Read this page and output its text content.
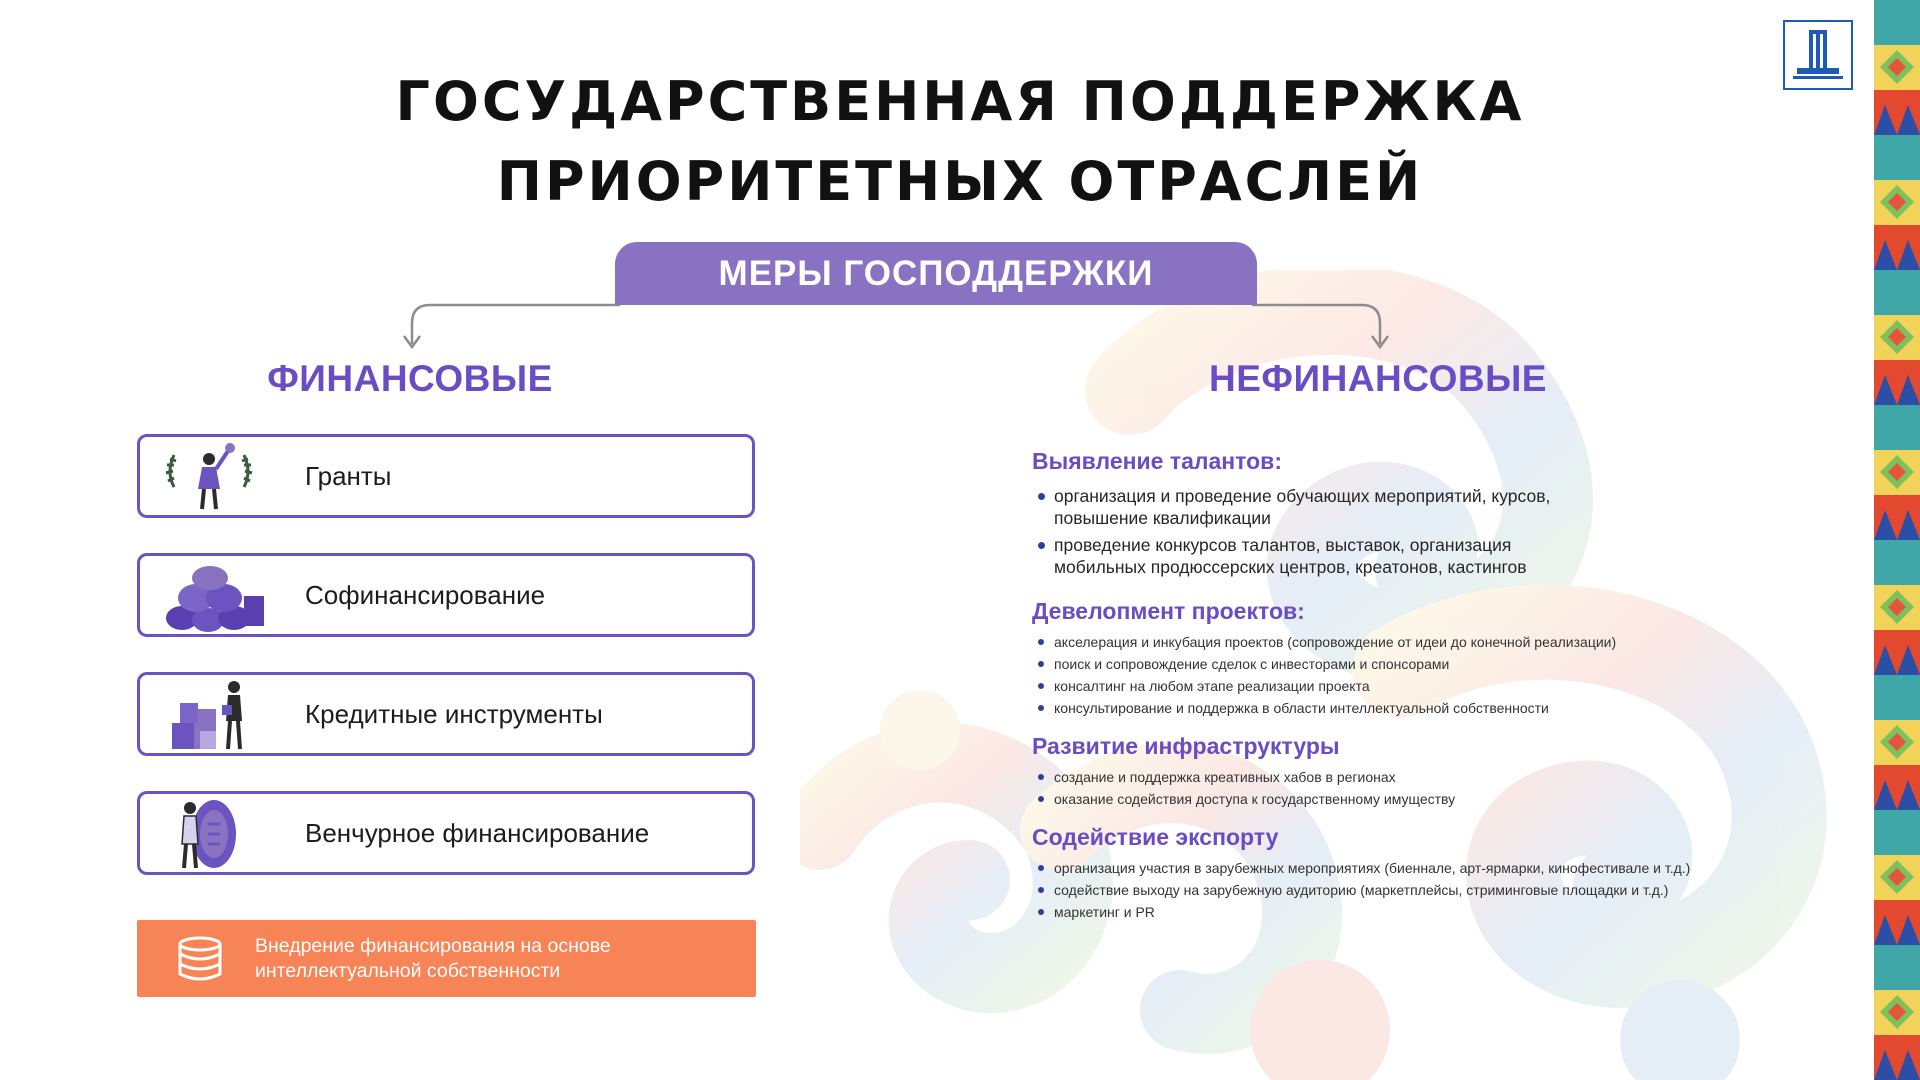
ГОСУДАРСТВЕННАЯ ПОДДЕРЖКА
ПРИОРИТЕТНЫХ ОТРАСЛЕЙ
МЕРЫ ГОСПОДДЕРЖКИ
ФИНАНСОВЫЕ	НЕФИНАНСОВЫЕ
Гранты
Софинансирование
Кредитные инструменты
Венчурное финансирование
Внедрение финансирования на основе
интеллектуальной собственности

Выявление талантов:

организация и проведение обучающих мероприятий, курсов,
повышение квалификации
проведение конкурсов талантов, выставок, организация
мобильных продюссерских центров, креатонов, кастингов

Девелопмент проектов:

акселерация и инкубация проектов (сопровождение от идеи до конечной реализации)
поиск и сопровождение сделок с инвесторами и спонсорами
консалтинг на любом этапе реализации проекта
консультирование и поддержка в области интеллектуальной собственности

Развитие инфраструктуры

создание и поддержка креативных хабов в регионах
оказание содействия доступа к государственному имуществу

Содействие экспорту

организация участия в зарубежных мероприятиях (биеннале, арт-ярмарки, кинофестивале и т.д.)
содействие выходу на зарубежную аудиторию (маркетплейсы, стриминговые площадки и т.д.)
маркетинг и PR
